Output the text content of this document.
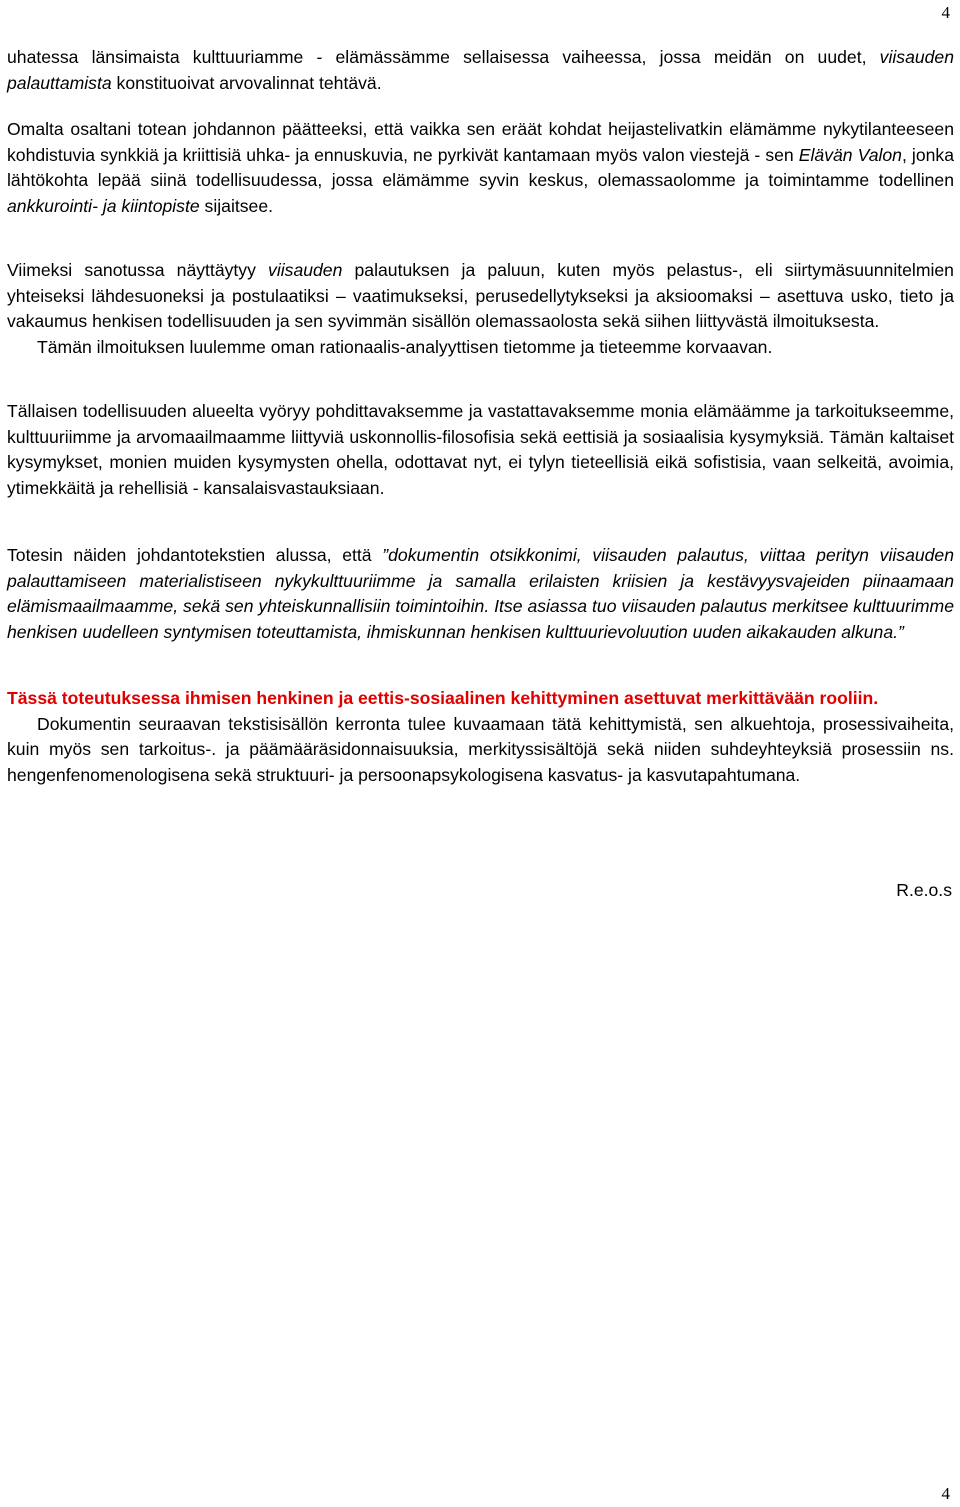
4

uhatessa länsimaista kulttuuriamme - elämässämme sellaisessa vaiheessa, jossa meidän on uudet, viisauden palauttamista konstituoivat arvovalinnat tehtävä.

Omalta osaltani totean johdannon päätteeksi, että vaikka sen eräät kohdat heijastelivatkin elämämme nykytilanteeseen kohdistuvia synkkiä ja kriittisiä uhka- ja ennuskuvia, ne pyrkivät kantamaan myös valon viestejä - sen Elävän Valon, jonka lähtökohta lepää siinä todellisuudessa, jossa elämämme syvin keskus, olemassaolomme ja toimintamme todellinen ankkurointi- ja kiintopiste sijaitsee.

Viimeksi sanotussa näyttäytyy viisauden palautuksen ja paluun, kuten myös pelastus-, eli siirtymäsuunnitelmien yhteiseksi lähdesuoneksi ja postulaatiksi – vaatimukseksi, perusedellytykseksi ja aksioomaksi – asettuva usko, tieto ja vakaumus henkisen todellisuuden ja sen syvimmän sisällön olemassaolosta sekä siihen liittyvästä ilmoituksesta.
Tämän ilmoituksen luulemme oman rationaalis-analyyttisen tietomme ja tieteemme korvaavan.

Tällaisen todellisuuden alueelta vyöryy pohdittavaksemme ja vastattavaksemme monia elämäämme ja tarkoitukseemme, kulttuuriimme ja arvomaailmaamme liittyviä uskonnollis-filosofisia sekä eettisiä ja sosiaalisia kysymyksiä. Tämän kaltaiset kysymykset, monien muiden kysymysten ohella, odottavat nyt, ei tylyn tieteellisiä eikä sofistisia, vaan selkeitä, avoimia, ytimekkäitä ja rehellisiä - kansalaisvastauksiaan.

Totesin näiden johdantotekstien alussa, että ”dokumentin otsikkonimi, viisauden palautus, viittaa perityn viisauden palauttamiseen materialistiseen nykykulttuuriimme ja samalla erilaisten kriisien ja kestävyysvajeiden piinaamaan elämismaailmaamme, sekä sen yhteiskunnallisiin toimintoihin. Itse asiassa tuo viisauden palautus merkitsee kulttuurimme henkisen uudelleen syntymisen toteuttamista, ihmiskunnan henkisen kulttuurievoluution uuden aikakauden alkuna.”

Tässä toteutuksessa ihmisen henkinen ja eettis-sosiaalinen kehittyminen asettuvat merkittävään rooliin.
Dokumentin seuraavan tekstisisällön kerronta tulee kuvaamaan tätä kehittymistä, sen alkuehtoja, prosessivaiheita, kuin myös sen tarkoitus-. ja päämääräsidonnaisuuksia, merkityssisältöjä sekä niiden suhdeyhteyksiä prosessiin ns. hengenfenomenologisena sekä struktuuri- ja persoonapsykologisena kasvatus- ja kasvutapahtumana.

R.e.o.s
4
